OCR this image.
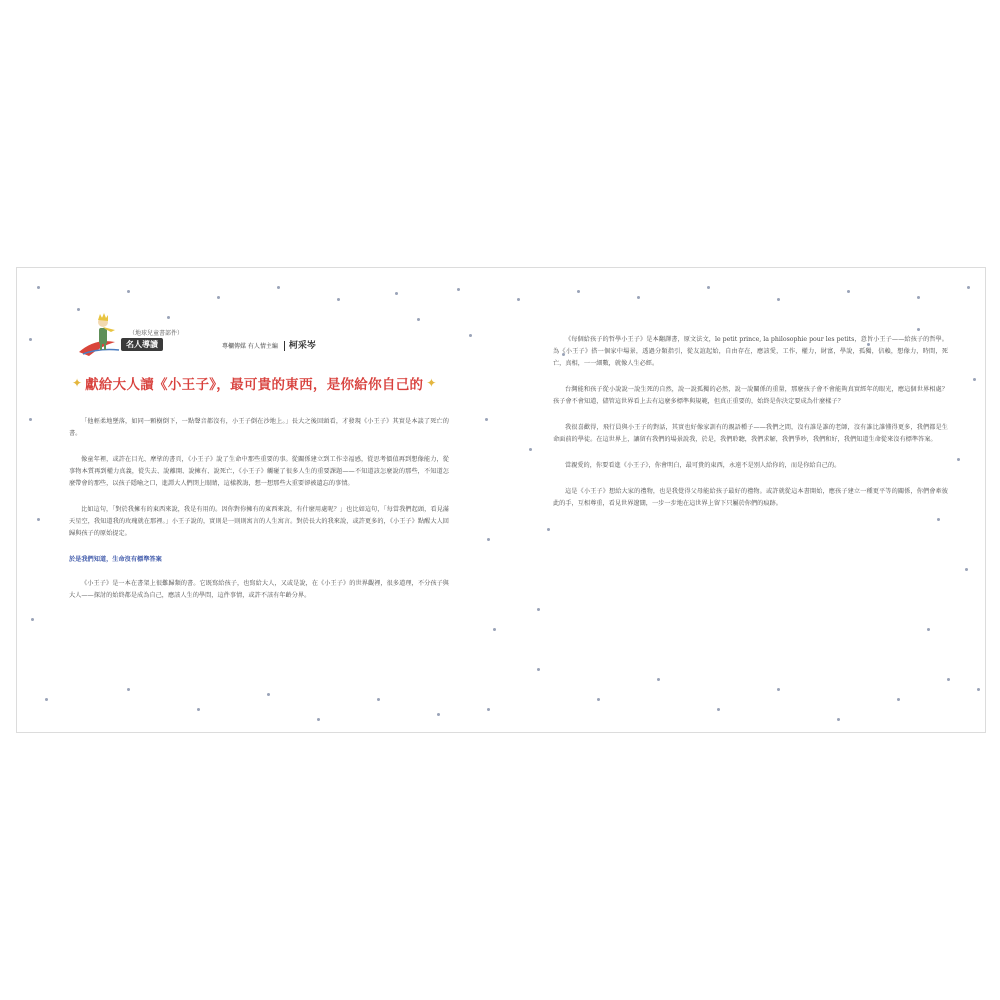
（地球兒童書部件）
名人導讀	專欄傳媒 有人情主編 柯采岑
✦ 獻給大人讀《小王子》，最可貴的東西，是你給你自己的 ✦

「他輕柔地墜落，如同一顆樹倒下，一點聲音都沒有，小王子倒在沙地上。」長大之後回頭看，才發現《小王子》其實是本談了死亡的書。

像童年裡，或許在目光、摩挲的書頁，《小王子》說了生命中那些重要的事。從關係建立到工作幸福感，從思考價值再到想像能力，從事物本質再到權力真義，從失去、說離開、說擁有、說死亡，《小王子》觸碰了很多人生的重要課題——不知道該怎麼說的那些，不知道怎麼帶會的那些，以孩子隱喻之口，進譚大人們閉上眼睛，這樣教誨，想一想那些大重要卻被遺忘的事情。

比如這句，「對於我擁有的東西來說，我是有用的。因你對你擁有的東西來說，有什麼用處呢？」也比如這句，「每當我們起頭，看見滿天星空，我知道我的玫瑰就在那裡。」小王子說的，實則是一則則寓言的人生寓言。對於長大的我來說，或許更多的，《小王子》點醒大人回歸與孩子的原始提定。

於是我們知道，生命沒有標準答案

《小王子》是一本在書架上很難歸類的書。它既寫給孩子，也寫給大人，又或是說，在《小王子》的世界觀裡，很多道理，不分孩子與大人——探討的始終都是成為自己，應該人生的學問，這件事情，或許不該有年齡分界。

《每個給孩子的哲學小王子》是本翻譯書，原文法文，le petit prince, la philosophie pour les petits，意旨小王子——給孩子的哲學。為《小王子》搭一個家中場景，透過分類指引，從友誼起始，自由存在，應該愛，工作，權力，財富，學說，孤獨，信賴，想像力，時間，死亡，真相，一一細數，就像人生必經。

台灣能和孩子從小說說一說生死的自然，說一說孤獨的必然，說一說關係的重量，那麼孩子會不會能夠真實經年的眼光，應這個世界相處？孩子會不會知道，儘管這世界看上去有這麼多標準與規範，但真正重要的，始終是你決定要成為什麼樣子？

我很喜歡得，飛行員與小王子的對話，其實也好像家訓有的親語種子——我們之間，沒有誰是誰的老師，沒有誰比誰懂得更多，我們都是生命面前的學徒。在這世界上，讓留有我們的場景說我，於是，我們聆聽，我們求解，我們爭吵，我們和好，我們知道生命從來沒有標準答案。

當親愛的，你要看進《小王子》，你會明白，最可貴的東西，永遠不是別人給你的，而是你給自己的。

這是《小王子》想給大家的禮物，也是我覺得父母能給孩子最好的禮物。或許就從這本書開始，應孩子建立一種更平等的關係，你們會牽彼此的手，互相尊重，看見世界遼闊，一步一步地在這世界上留下只屬於你們的痕跡。
